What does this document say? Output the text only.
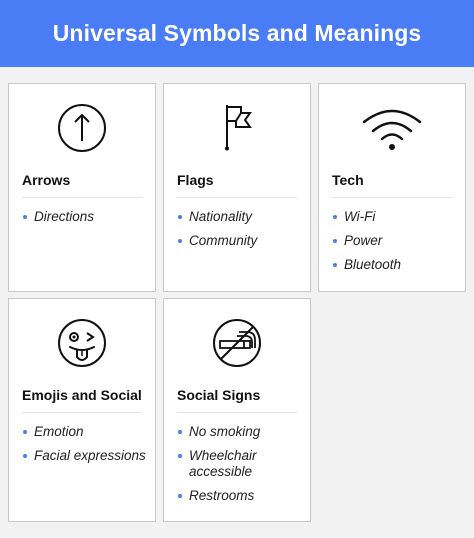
Universal Symbols and Meanings
Arrows
Directions
Flags
Nationality
Community
Tech
Wi-Fi
Power
Bluetooth
Emojis and Social
Emotion
Facial expressions
Social Signs
No smoking
Wheelchair accessible
Restrooms
